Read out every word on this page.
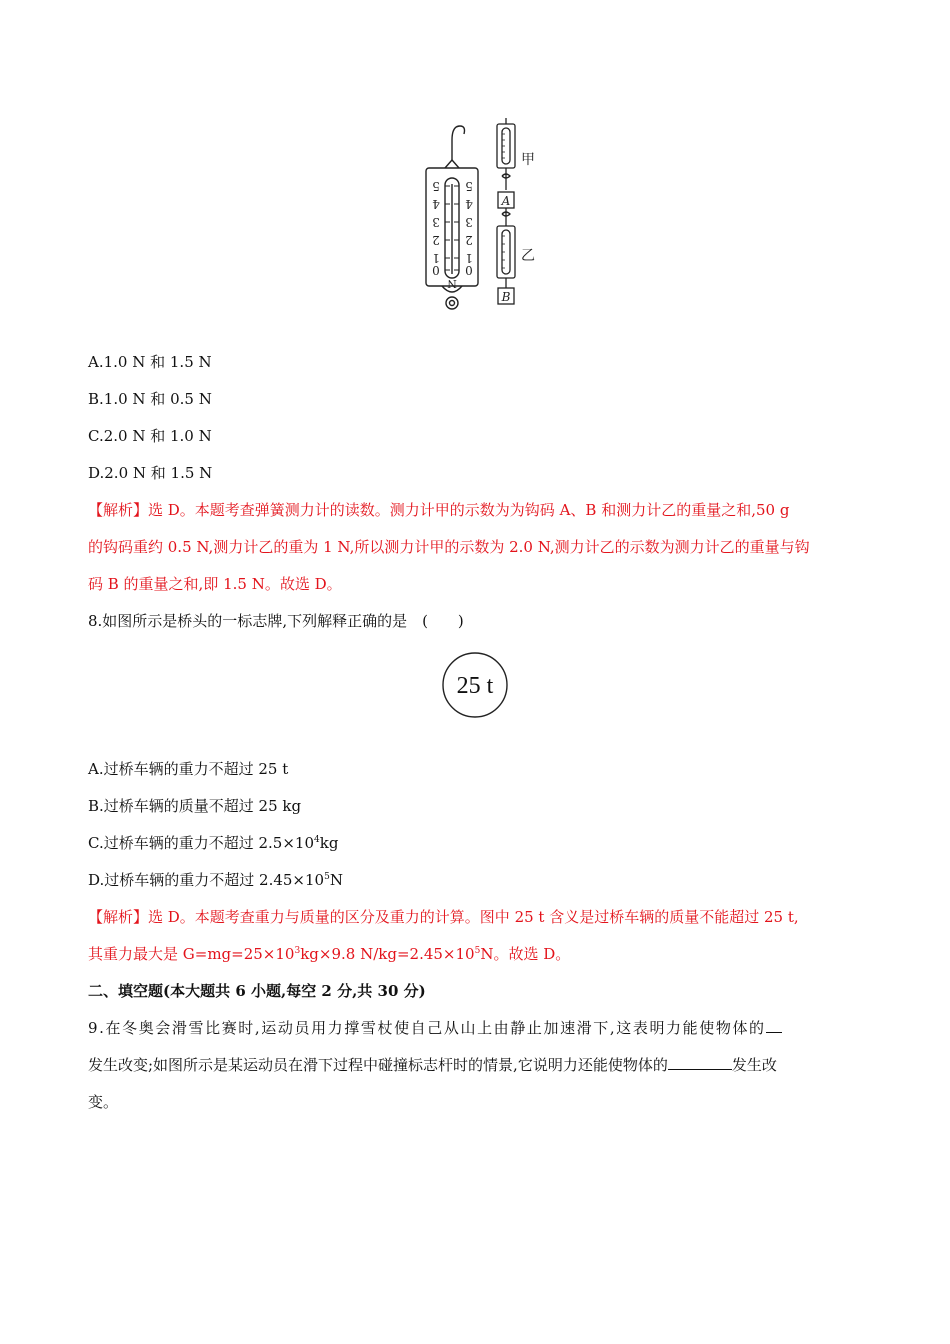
5
4
3
2
1
0
5
4
3
2
1
0
N
甲
乙
A
B
A.1.0 N 和 1.5 N
B.1.0 N 和 0.5 N
C.2.0 N 和 1.0 N
D.2.0 N 和 1.5 N
【解析】选 D。本题考查弹簧测力计的读数。测力计甲的示数为为钩码 A、B 和测力计乙的重量之和,50 g
的钩码重约 0.5 N,测力计乙的重为 1 N,所以测力计甲的示数为 2.0 N,测力计乙的示数为测力计乙的重量与钩
码 B 的重量之和,即 1.5 N。故选 D。
8.如图所示是桥头的一标志牌,下列解释正确的是　(　　)
25 t
A.过桥车辆的重力不超过 25 t
B.过桥车辆的质量不超过 25 kg
C.过桥车辆的重力不超过 $2.5\times 10^4kg$
D.过桥车辆的重力不超过 $2.45\times 10^5N$
【解析】选 D。本题考查重力与质量的区分及重力的计算。图中 25 t 含义是过桥车辆的质量不能超过 25 t,
其重力最大是 $G=mg=25\times 10^3kg\times 9.8$ $N/kg=2.45\times 10^5N$。故选 D。
二、填空题(本大题共 6 小题,每空 2 分,共 30 分)
9.在冬奥会滑雪比赛时,运动员用力撑雪杖使自己从山上由静止加速滑下,这表明力能使物体的
发生改变;如图所示是某运动员在滑下过程中碰撞标志杆时的情景,它说明力还能使物体的	发生改
变。
